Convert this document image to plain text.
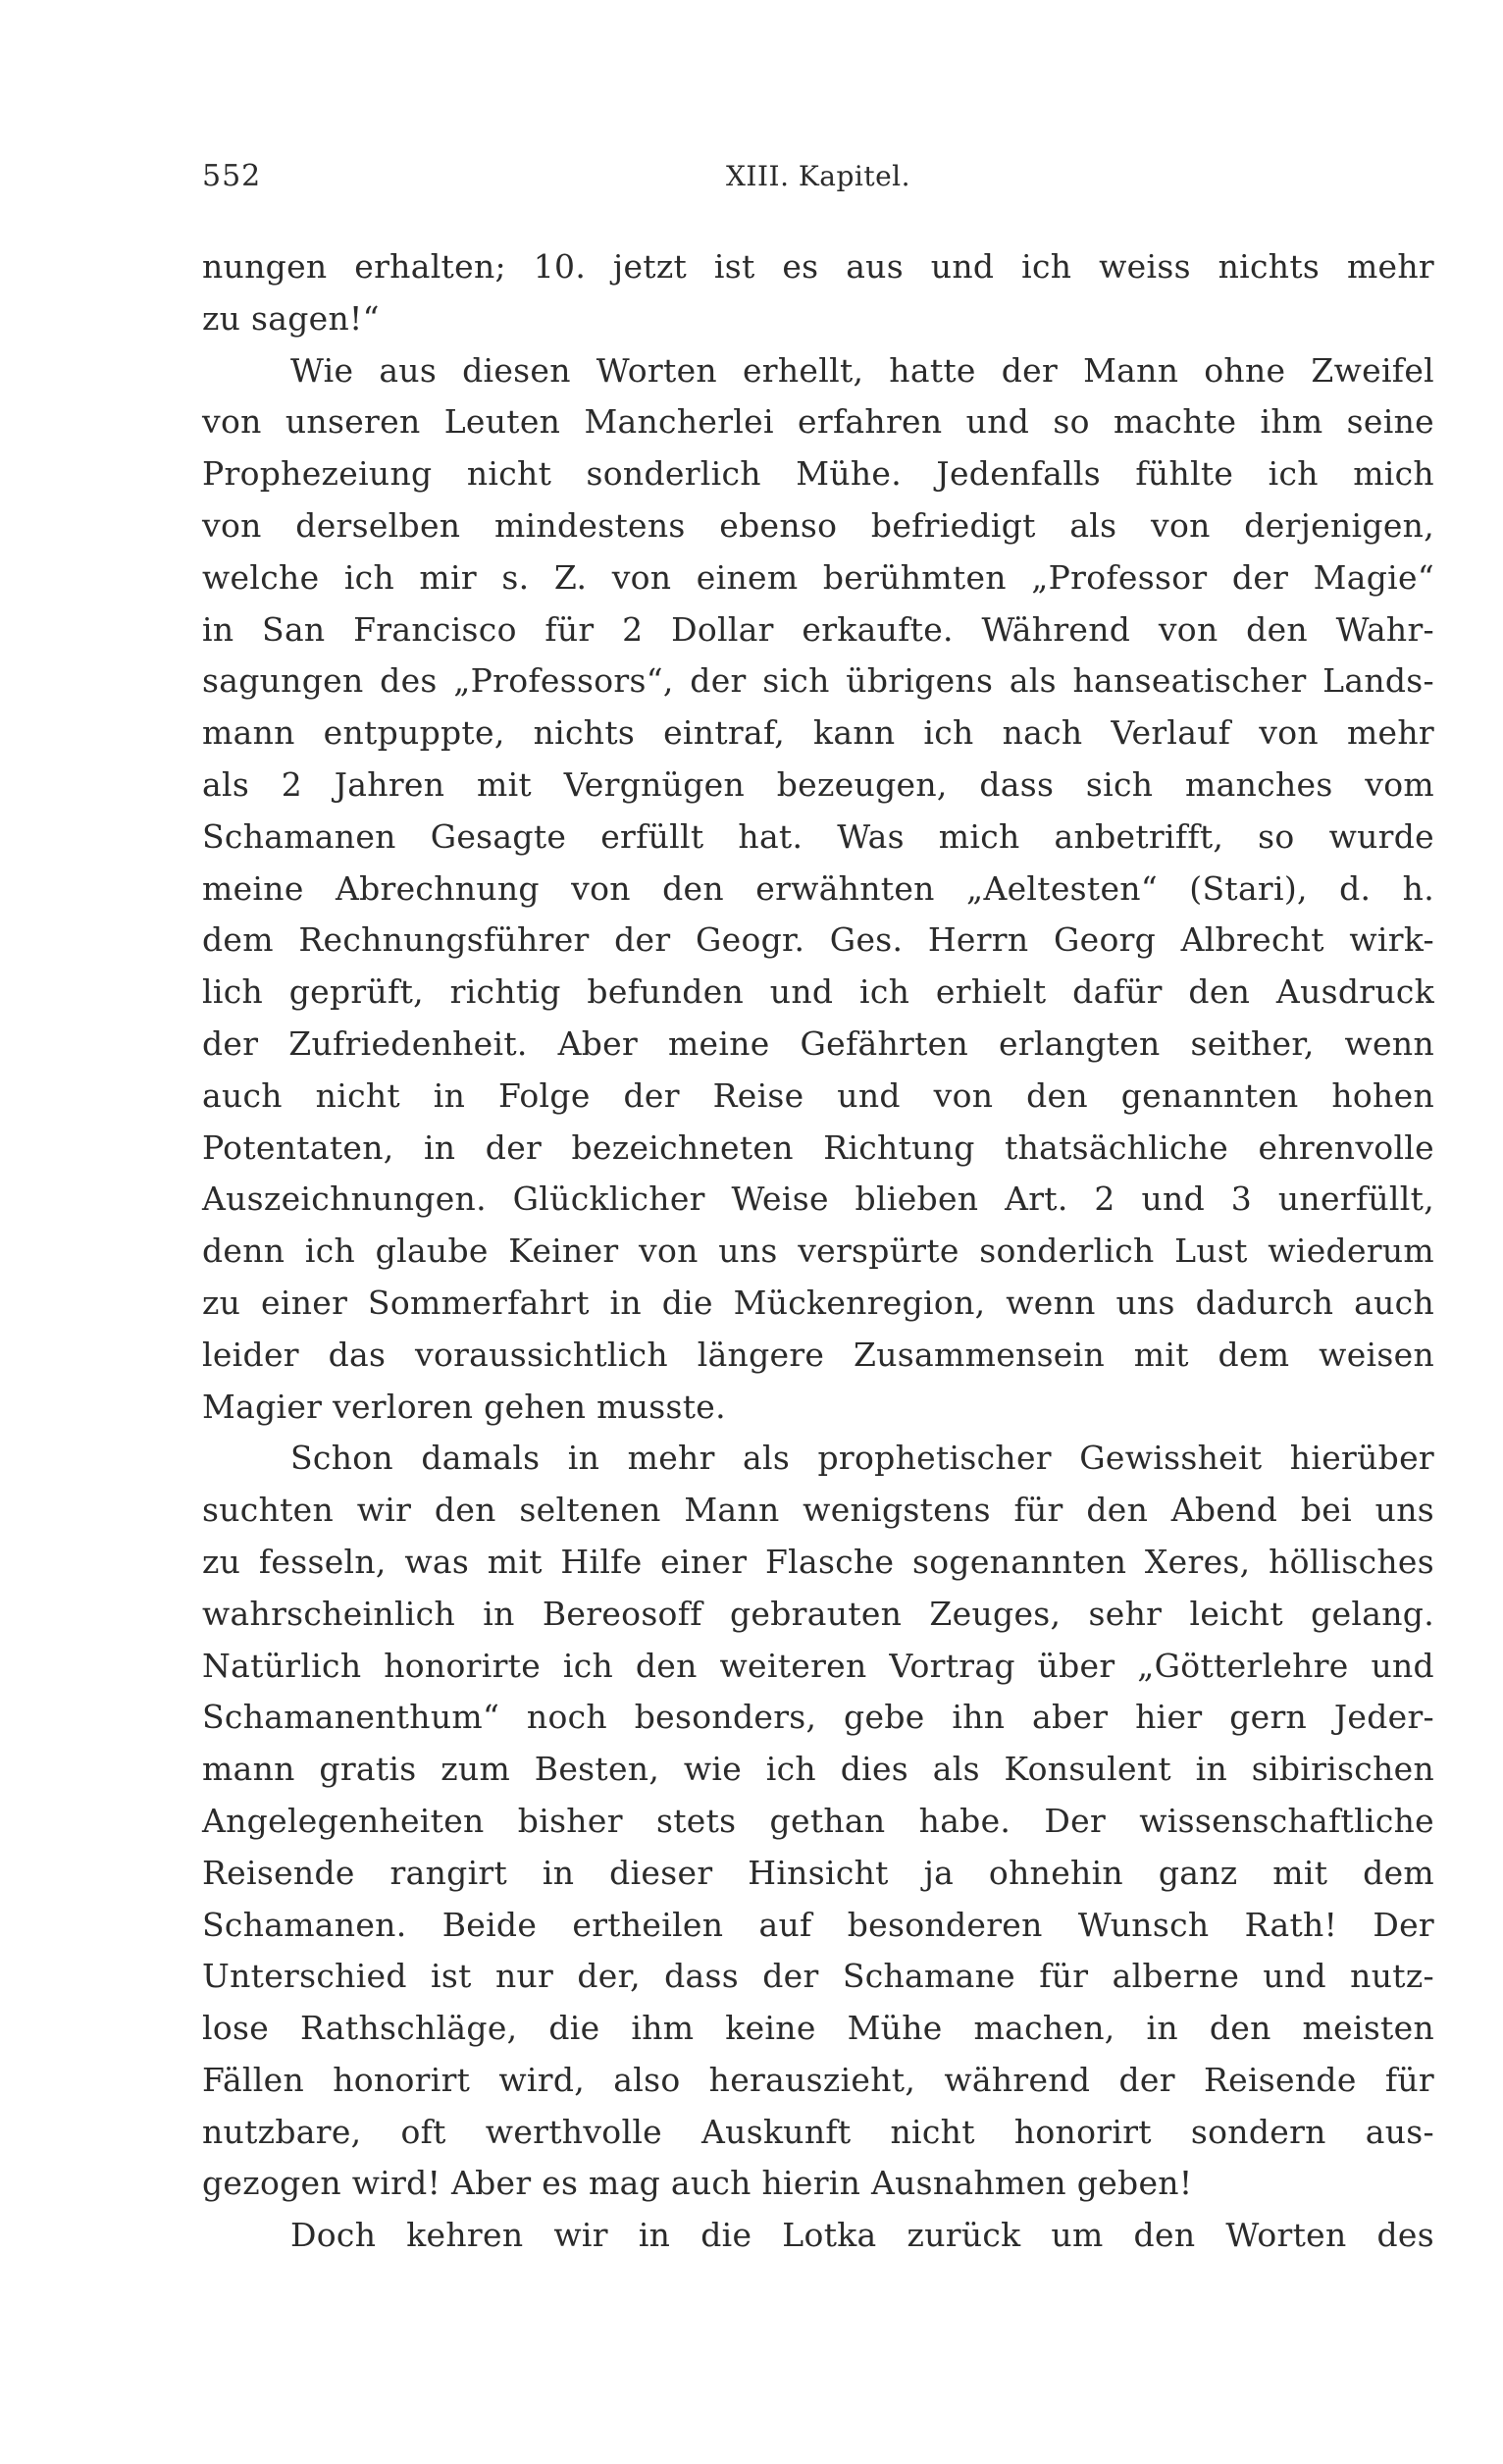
552	XIII. Kapitel.
nungen erhalten; 10. jetzt ist es aus und ich weiss nichts mehr
zu sagen!“
Wie aus diesen Worten erhellt, hatte der Mann ohne Zweifel
von unseren Leuten Mancherlei erfahren und so machte ihm seine
Prophezeiung nicht sonderlich Mühe. Jedenfalls fühlte ich mich
von derselben mindestens ebenso befriedigt als von derjenigen,
welche ich mir s. Z. von einem berühmten „Professor der Magie“
in San Francisco für 2 Dollar erkaufte. Während von den Wahr-
sagungen des „Professors“, der sich übrigens als hanseatischer Lands-
mann entpuppte, nichts eintraf, kann ich nach Verlauf von mehr
als 2 Jahren mit Vergnügen bezeugen, dass sich manches vom
Schamanen Gesagte erfüllt hat. Was mich anbetrifft, so wurde
meine Abrechnung von den erwähnten „Aeltesten“ (Stari), d. h.
dem Rechnungsführer der Geogr. Ges. Herrn Georg Albrecht wirk-
lich geprüft, richtig befunden und ich erhielt dafür den Ausdruck
der Zufriedenheit. Aber meine Gefährten erlangten seither, wenn
auch nicht in Folge der Reise und von den genannten hohen
Potentaten, in der bezeichneten Richtung thatsächliche ehrenvolle
Auszeichnungen. Glücklicher Weise blieben Art. 2 und 3 unerfüllt,
denn ich glaube Keiner von uns verspürte sonderlich Lust wiederum
zu einer Sommerfahrt in die Mückenregion, wenn uns dadurch auch
leider das voraussichtlich längere Zusammensein mit dem weisen
Magier verloren gehen musste.
Schon damals in mehr als prophetischer Gewissheit hierüber
suchten wir den seltenen Mann wenigstens für den Abend bei uns
zu fesseln, was mit Hilfe einer Flasche sogenannten Xeres, höllisches
wahrscheinlich in Bereosoff gebrauten Zeuges, sehr leicht gelang.
Natürlich honorirte ich den weiteren Vortrag über „Götterlehre und
Schamanenthum“ noch besonders, gebe ihn aber hier gern Jeder-
mann gratis zum Besten, wie ich dies als Konsulent in sibirischen
Angelegenheiten bisher stets gethan habe. Der wissenschaftliche
Reisende rangirt in dieser Hinsicht ja ohnehin ganz mit dem
Schamanen. Beide ertheilen auf besonderen Wunsch Rath! Der
Unterschied ist nur der, dass der Schamane für alberne und nutz-
lose Rathschläge, die ihm keine Mühe machen, in den meisten
Fällen honorirt wird, also herauszieht, während der Reisende für
nutzbare, oft werthvolle Auskunft nicht honorirt sondern aus-
gezogen wird! Aber es mag auch hierin Ausnahmen geben!
Doch kehren wir in die Lotka zurück um den Worten des
